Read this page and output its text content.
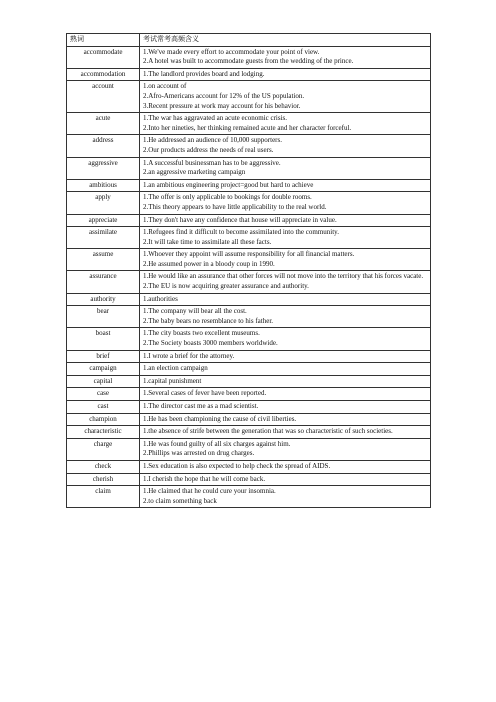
熟词	考试常考高频含义
accommodate	1.We've made every effort to accommodate your point of view.
2.A hotel was built to accommodate guests from the wedding of the prince.

accommodation	1.The landlord provides board and lodging.

account	1.on account of
2.Afro-Americans account for 12% of the US population.
3.Recent pressure at work may account for his behavior.

acute	1.The war has aggravated an acute economic crisis.
2.Into her nineties, her thinking remained acute and her character forceful.

address	1.He addressed an audience of 10,000 supporters.
2.Our products address the needs of real users.

aggressive	1.A successful businessman has to be aggressive.
2.an aggressive marketing campaign

ambitious	1.an ambitious engineering project=good but hard to achieve

apply	1.The offer is only applicable to bookings for double rooms.
2.This theory appears to have little applicability to the real world.

appreciate	1.They don't have any confidence that house will appreciate in value.

assimilate	1.Refugees find it difficult to become assimilated into the community.
2.It will take time to assimilate all these facts.

assume	1.Whoever they appoint will assume responsibility for all financial matters.
2.He assumed power in a bloody coup in 1990.

assurance	1.He would like an assurance that other forces will not move into the territory that his forces vacate.
2.The EU is now acquiring greater assurance and authority.

authority	1.authorities

bear	1.The company will bear all the cost.
2.The baby bears no resemblance to his father.

boast	1.The city boasts two excellent museums.
2.The Society boasts 3000 members worldwide.

brief	1.I wrote a brief for the attorney.

campaign	1.an election campaign

capital	1.capital punishment

case	1.Several cases of fever have been reported.

cast	1.The director cast me as a mad scientist.

champion	1.He has been championing the cause of civil liberties.

characteristic	1.the absence of strife between the generation that was so characteristic of such societies.

charge	1.He was found guilty of all six charges against him.
2.Phillips was arrested on drug charges.

check	1.Sex education is also expected to help check the spread of AIDS.

cherish	1.I cherish the hope that he will come back.

claim	1.He claimed that he could cure your insomnia.
2.to claim something back
